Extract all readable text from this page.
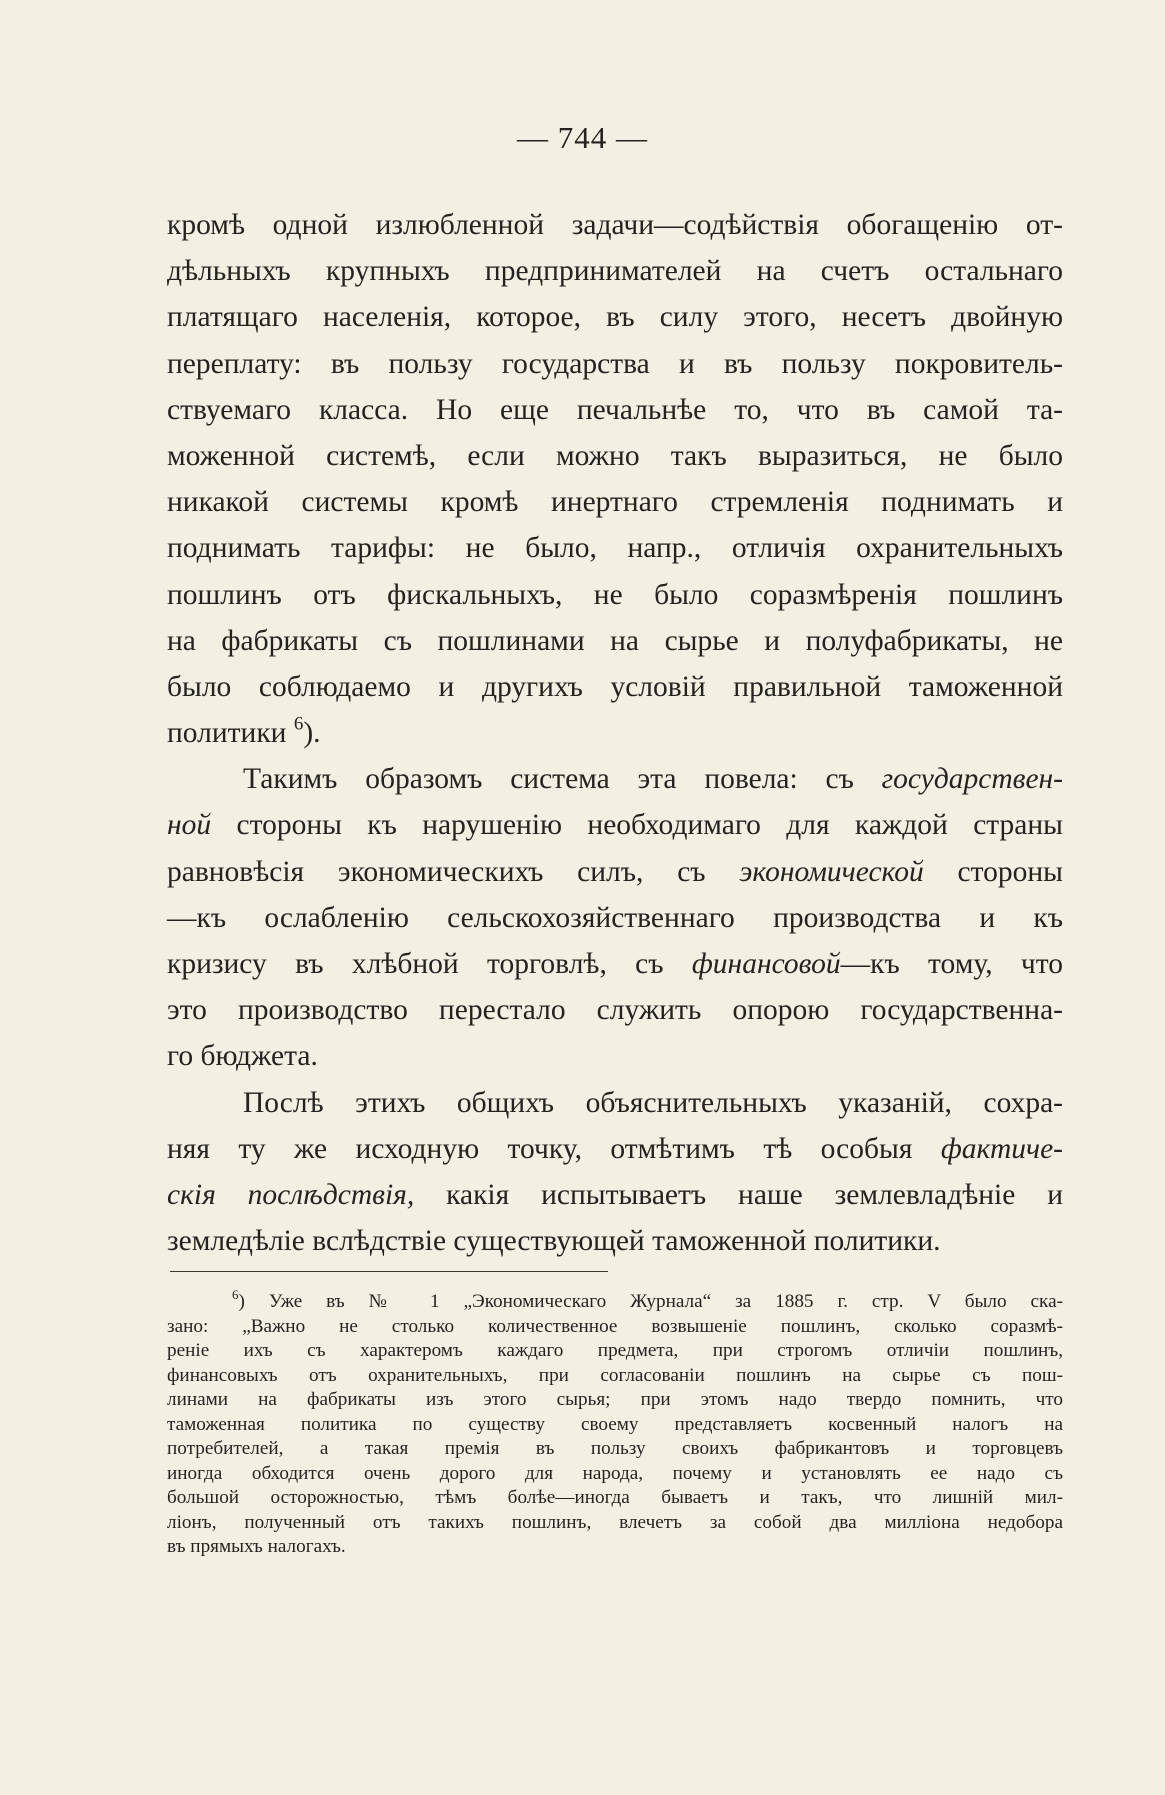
— 744 —
кромѣ одной излюбленной задачи—содѣйствія обогащенію от-
дѣльныхъ крупныхъ предпринимателей на счетъ остальнаго
платящаго населенія, которое, въ силу этого, несетъ двойную
переплату: въ пользу государства и въ пользу покровитель-
ствуемаго класса. Но еще печальнѣе то, что въ самой та-
моженной системѣ, если можно такъ выразиться, не было
никакой системы кромѣ инертнаго стремленія поднимать и
поднимать тарифы: не было, напр., отличія охранительныхъ
пошлинъ отъ фискальныхъ, не было соразмѣренія пошлинъ
на фабрикаты съ пошлинами на сырье и полуфабрикаты, не
было соблюдаемо и другихъ условій правильной таможенной
политики $^6$).
Такимъ образомъ система эта повела: съ государствен-
ной стороны къ нарушенію необходимаго для каждой страны
равновѣсія экономическихъ силъ, съ экономической стороны
—къ ослабленію сельскохозяйственнаго производства и къ
кризису въ хлѣбной торговлѣ, съ финансовой—къ тому, что
это производство перестало служить опорою государственна-
го бюджета.
Послѣ этихъ общихъ объяснительныхъ указаній, сохра-
няя ту же исходную точку, отмѣтимъ тѣ особыя фактиче-
скія послѣдствія, какія испытываетъ наше землевладѣніе и
земледѣліе вслѣдствіе существующей таможенной политики.
$^6$) Уже въ № 1 „Экономическаго Журнала“ за 1885 г. стр. V было ска-
зано: „Важно не столько количественное возвышеніе пошлинъ, сколько соразмѣ-
реніе ихъ съ характеромъ каждаго предмета, при строгомъ отличіи пошлинъ,
финансовыхъ отъ охранительныхъ, при согласованіи пошлинъ на сырье съ пош-
линами на фабрикаты изъ этого сырья; при этомъ надо твердо помнить, что
таможенная политика по существу своему представляетъ косвенный налогъ на
потребителей, а такая премія въ пользу своихъ фабрикантовъ и торговцевъ
иногда обходится очень дорого для народа, почему и установлять ее надо съ
большой осторожностью, тѣмъ болѣе—иногда бываетъ и такъ, что лишній мил-
ліонъ, полученный отъ такихъ пошлинъ, влечетъ за собой два милліона недобора
въ прямыхъ налогахъ.
